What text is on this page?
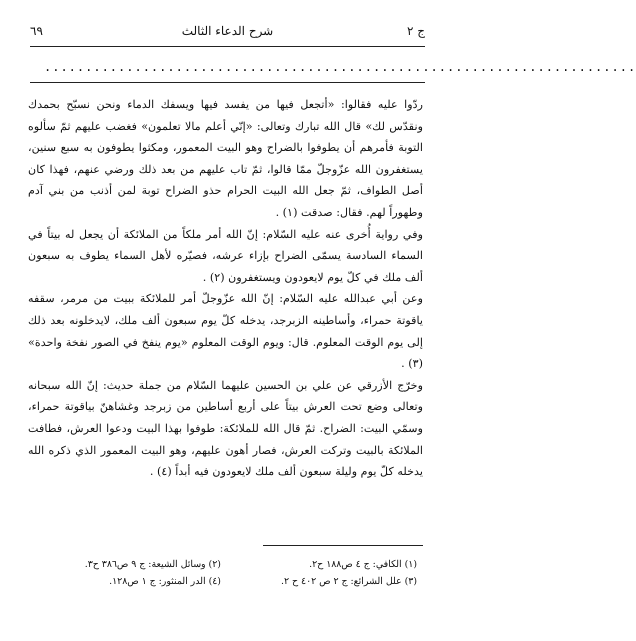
ج ٢
شرح الدعاء الثالث
٦٩
........................................................................

ردّوا عليه فقالوا: «أتجعل فيها من يفسد فيها ويسفك الدماء ونحن نسبّح بحمدك ونقدّس لك» قال الله تبارك وتعالى: «إنّي أعلم مالا تعلمون» فغضب عليهم ثمّ سألوه التوبة فأمرهم أن يطوفوا بالضراح وهو البيت المعمور، ومكثوا يطوفون به سبع سنين، يستغفرون الله عزّوجلّ ممّا قالوا، ثمّ تاب عليهم من بعد ذلك ورضي عنهم، فهذا كان أصل الطواف، ثمّ جعل الله البيت الحرام حذو الضراح توبة لمن أذنب من بني آدم وطهوراً لهم. فقال: صدقت (١) .

وفي رواية أُخرى عنه عليه السّلام: إنّ الله أمر ملكاً من الملائكة أن يجعل له بيتاً في السماء السادسة يسمّى الضراح بإزاء عرشه، فصيّره لأهل السماء يطوف به سبعون ألف ملك في كلّ يوم لايعودون ويستغفرون (٢) .

وعن أبي عبدالله عليه السّلام: إنّ الله عزّوجلّ أمر للملائكة ببيت من مرمر، سقفه ياقوتة حمراء، وأساطينه الزبرجد، يدخله كلّ يوم سبعون ألف ملك، لايدخلونه بعد ذلك إلى يوم الوقت المعلوم. قال: ويوم الوقت المعلوم «يوم ينفخ في الصور نفخة واحدة» (٣) .

وخرّج الأزرقي عن علي بن الحسين عليهما السّلام من جملة حديث: إنّ الله سبحانه وتعالى وضع تحت العرش بيتاً على أربع أساطين من زبرجد وغشاهنّ بياقوتة حمراء، وسمّي البيت: الضراح. ثمّ قال الله للملائكة: طوفوا بهذا البيت ودعوا العرش، فطافت الملائكة بالبيت وتركت العرش، فصار أهون عليهم، وهو البيت المعمور الذي ذكره الله يدخله كلّ يوم وليلة سبعون ألف ملك لايعودون فيه أبداً (٤) .

(١) الكافي: ج ٤ ص١٨٨ ح٢.
(٢) وسائل الشيعة: ج ٩ ص٣٨٦ ح٣.
(٣) علل الشرائع: ج ٢ ص ٤٠٢ ح ٢.
(٤) الدر المنثور: ج ١ ص١٢٨.
